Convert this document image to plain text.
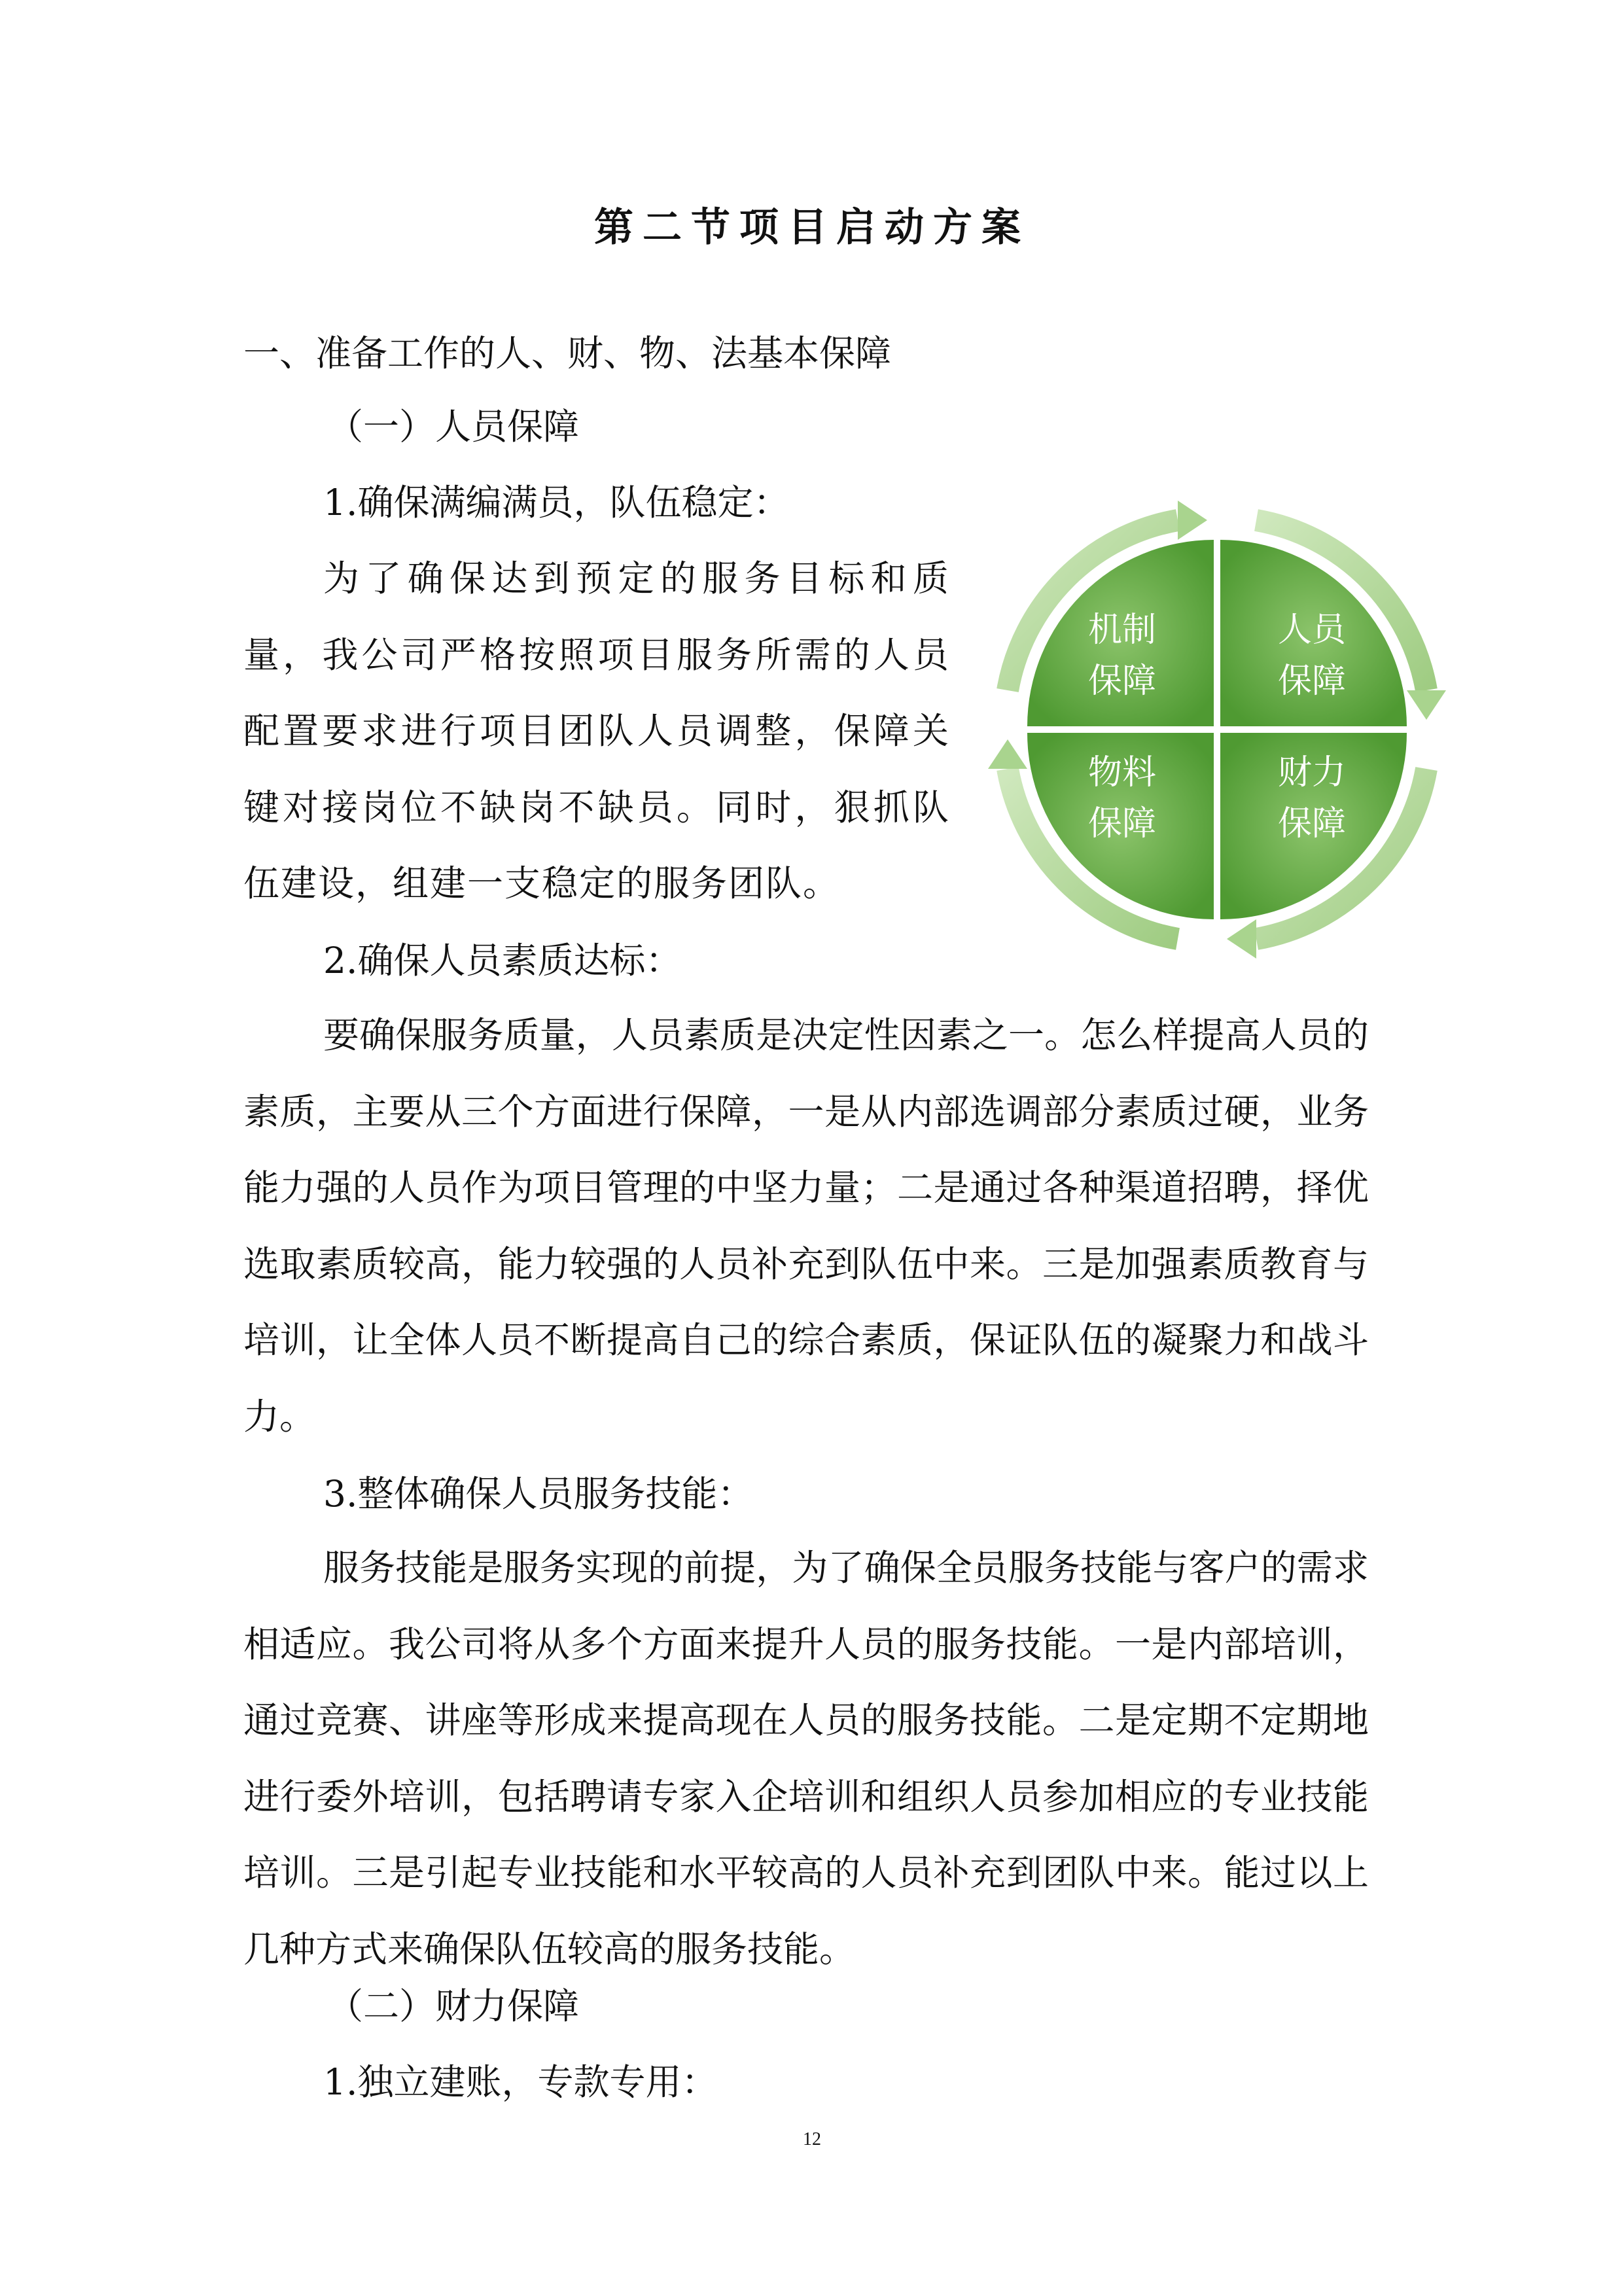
第二节项目启动方案
一、准备工作的人、财、物、法基本保障
（一）人员保障
1.确保满编满员，队伍稳定：

为了确保达到预定的服务目标和质量，我公司严格按照项目服务所需的人员配置要求进行项目团队人员调整，保障关键对接岗位不缺岗不缺员。同时，狠抓队伍建设，组建一支稳定的服务团队。

2.确保人员素质达标：

要确保服务质量，人员素质是决定性因素之一。怎么样提高人员的素质，主要从三个方面进行保障，一是从内部选调部分素质过硬，业务能力强的人员作为项目管理的中坚力量；二是通过各种渠道招聘，择优选取素质较高，能力较强的人员补充到队伍中来。三是加强素质教育与培训，让全体人员不断提高自己的综合素质，保证队伍的凝聚力和战斗力。

3.整体确保人员服务技能：

服务技能是服务实现的前提，为了确保全员服务技能与客户的需求相适应。我公司将从多个方面来提升人员的服务技能。一是内部培训，通过竞赛、讲座等形成来提高现在人员的服务技能。二是定期不定期地进行委外培训，包括聘请专家入企培训和组织人员参加相应的专业技能培训。三是引起专业技能和水平较高的人员补充到团队中来。能过以上几种方式来确保队伍较高的服务技能。

（二）财力保障
1.独立建账，专款专用：
12
机制
保障
人员
保障
物料
保障
财力
保障
